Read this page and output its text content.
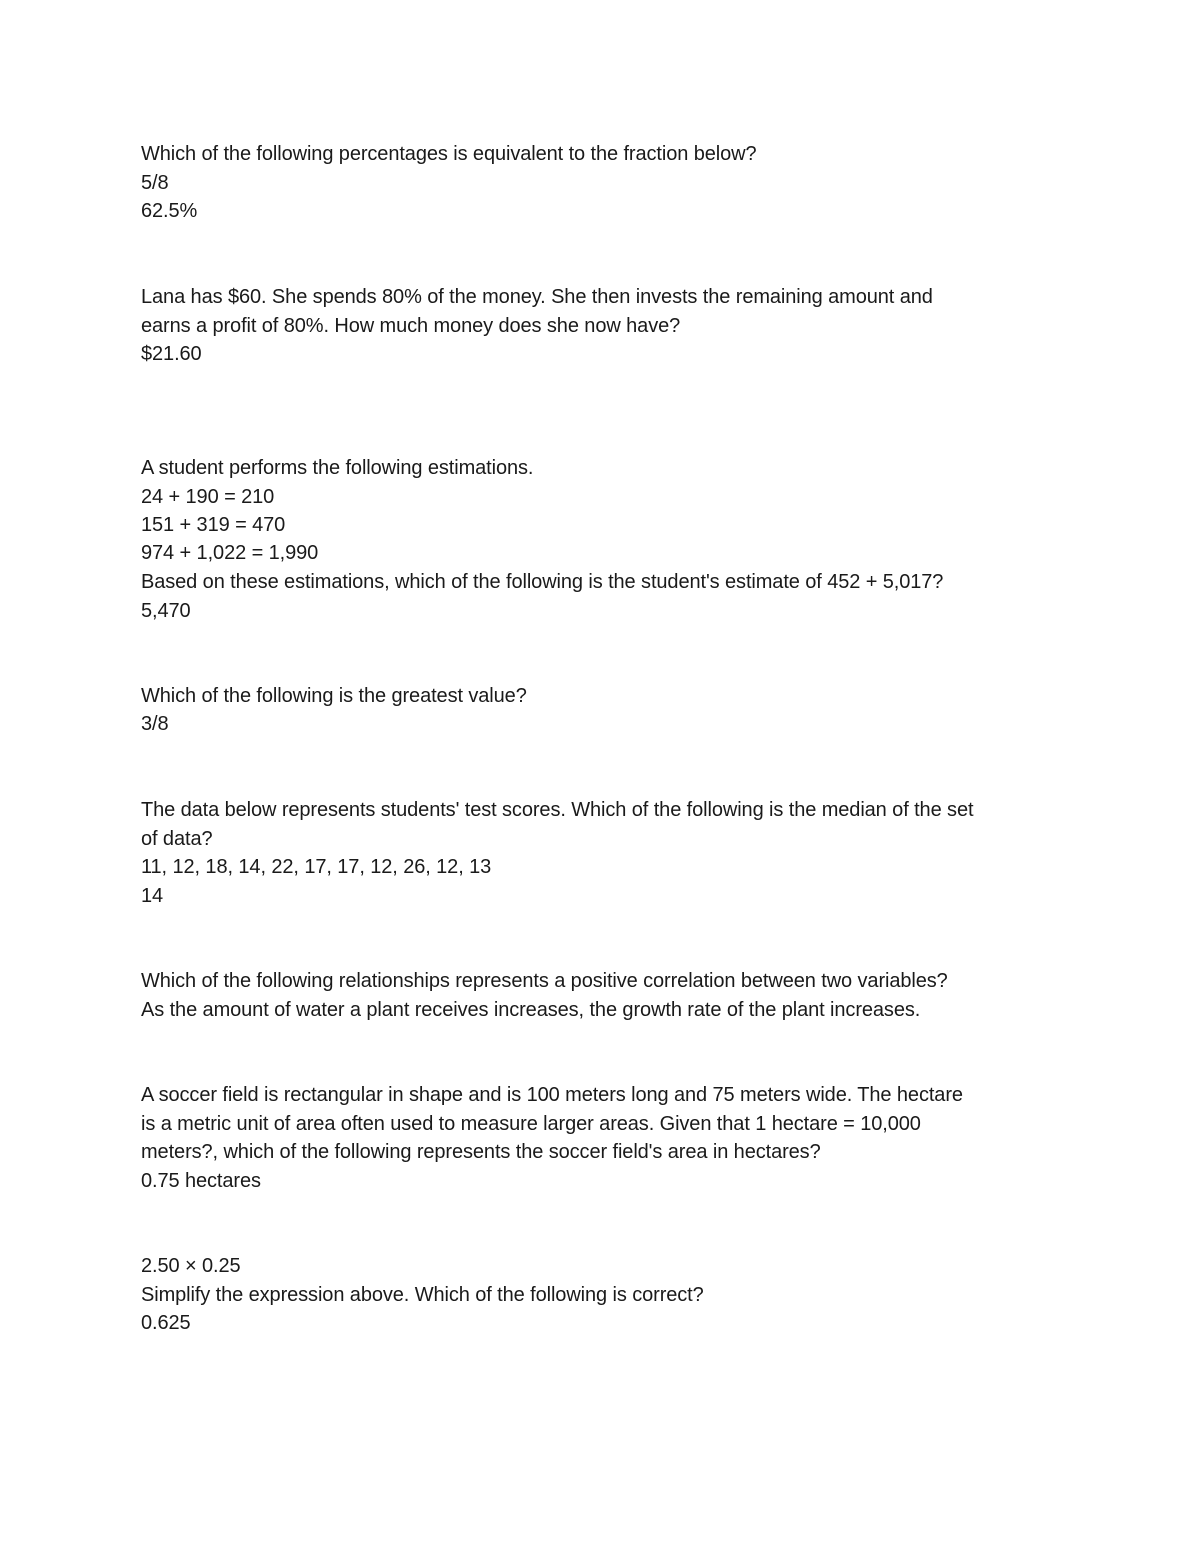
Which of the following percentages is equivalent to the fraction below?
5/8
62.5%
Lana has $60. She spends 80% of the money. She then invests the remaining amount and
earns a profit of 80%. How much money does she now have?
$21.60
A student performs the following estimations.
24 + 190 = 210
151 + 319 = 470
974 + 1,022 = 1,990
Based on these estimations, which of the following is the student's estimate of 452 + 5,017?
5,470
Which of the following is the greatest value?
3/8
The data below represents students' test scores. Which of the following is the median of the set
of data?
11, 12, 18, 14, 22, 17, 17, 12, 26, 12, 13
14
Which of the following relationships represents a positive correlation between two variables?
As the amount of water a plant receives increases, the growth rate of the plant increases.
A soccer field is rectangular in shape and is 100 meters long and 75 meters wide. The hectare
is a metric unit of area often used to measure larger areas. Given that 1 hectare = 10,000
meters?, which of the following represents the soccer field's area in hectares?
0.75 hectares
2.50 × 0.25
Simplify the expression above. Which of the following is correct?
0.625
